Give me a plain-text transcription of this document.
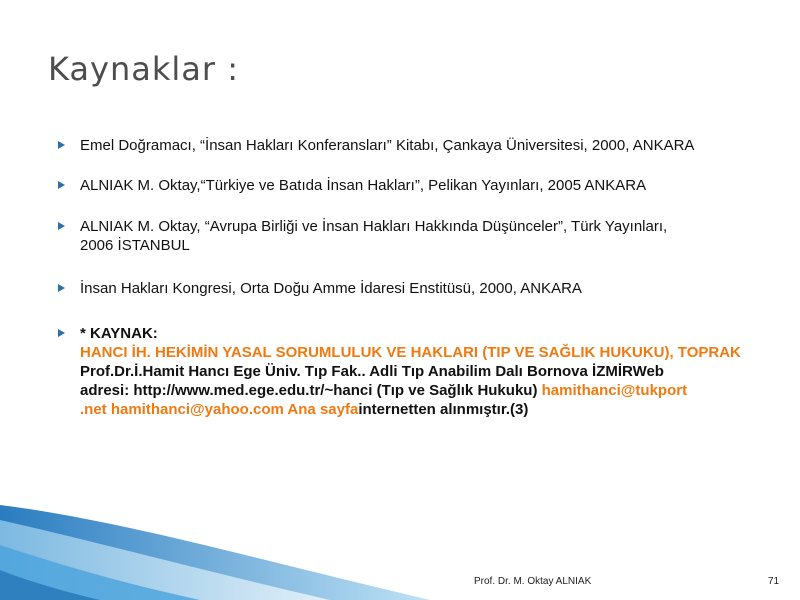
Kaynaklar :

Emel Doğramacı, “İnsan Hakları Konferansları” Kitabı, Çankaya Üniversitesi, 2000, ANKARA

ALNIAK M. Oktay,“Türkiye ve Batıda İnsan Hakları”, Pelikan Yayınları, 2005 ANKARA

ALNIAK M. Oktay, “Avrupa Birliği ve İnsan Hakları Hakkında Düşünceler”, Türk Yayınları,
2006 İSTANBUL

İnsan Hakları Kongresi, Orta Doğu Amme İdaresi Enstitüsü, 2000, ANKARA

* KAYNAK:
HANCI İH. HEKİMİN YASAL SORUMLULUK VE HAKLARI (TIP VE SAĞLIK HUKUKU), TOPRAK
Prof.Dr.İ.Hamit Hancı Ege Üniv. Tıp Fak.. Adli Tıp Anabilim Dalı Bornova İZMİRWeb
adresi: http://www.med.ege.edu.tr/~hanci (Tıp ve Sağlık Hukuku) hamithanci@tukport
.net hamithanci@yahoo.com Ana sayfainternetten alınmıştır.(3)

Prof. Dr. M. Oktay ALNIAK	71
